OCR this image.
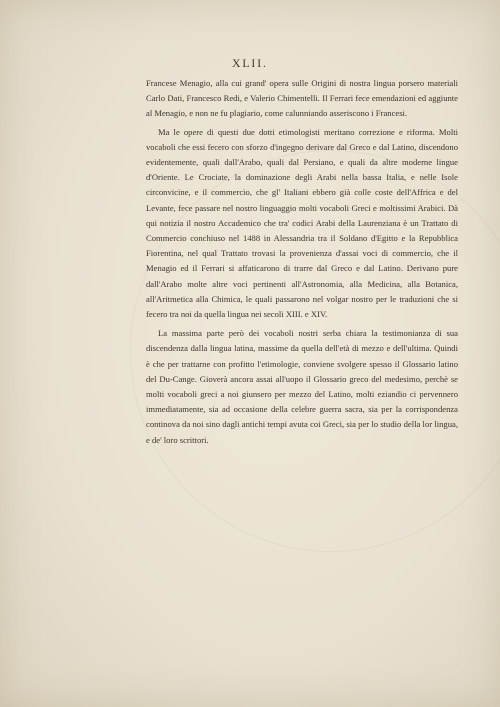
XLII.

Francese Menagio, alla cui grand' opera sulle Origini di nostra lingua porsero materiali Carlo Dati, Francesco Redi, e Valerio Chimentelli. Il Ferrari fece emendazioni ed aggiunte al Menagio, e non ne fu plagiario, come calunniando asseriscono i Francesi.

Ma le opere di questi due dotti etimologisti meritano correzione e riforma. Molti vocaboli che essi fecero con sforzo d'ingegno derivare dal Greco e dal Latino, discendono evidentemente, quali dall'Arabo, quali dal Persiano, e quali da altre moderne lingue d'Oriente. Le Crociate, la dominazione degli Arabi nella bassa Italia, e nelle Isole circonvicine, e il commercio, che gl' Italiani ebbero già colle coste dell'Affrica e del Levante, fece passare nel nostro linguaggio molti vocaboli Greci e moltissimi Arabici. Dà qui notizia il nostro Accademico che tra' codici Arabi della Laurenziana è un Trattato di Commercio conchiuso nel 1488 in Alessandria tra il Soldano d'Egitto e la Repubblica Fiorentina, nel qual Trattato trovasi la provenienza d'assai voci di commercio, che il Menagio ed il Ferrari si affaticarono di trarre dal Greco e dal Latino. Derivano pure dall'Arabo molte altre voci pertinenti all'Astronomia, alla Medicina, alla Botanica, all'Aritmetica alla Chimica, le quali passarono nel volgar nostro per le traduzioni che si fecero tra noi da quella lingua nei secoli XIII. e XIV.

La massima parte però dei vocaboli nostri serba chiara la testimonianza di sua discendenza dalla lingua latina, massime da quella dell'età di mezzo e dell'ultima. Quindi è che per trattarne con profitto l'etimologie, conviene svolgere spesso il Glossario latino del Du-Cange. Gioverà ancora assai all'uopo il Glossario greco del medesimo, perchè se molti vocaboli greci a noi giunsero per mezzo del Latino, molti eziandio ci pervennero immediatamente, sia ad occasione della celebre guerra sacra, sia per la corrispondenza continova da noi sino dagli antichi tempi avuta coi Greci, sia per lo studio della lor lingua, e de' loro scrittori.
